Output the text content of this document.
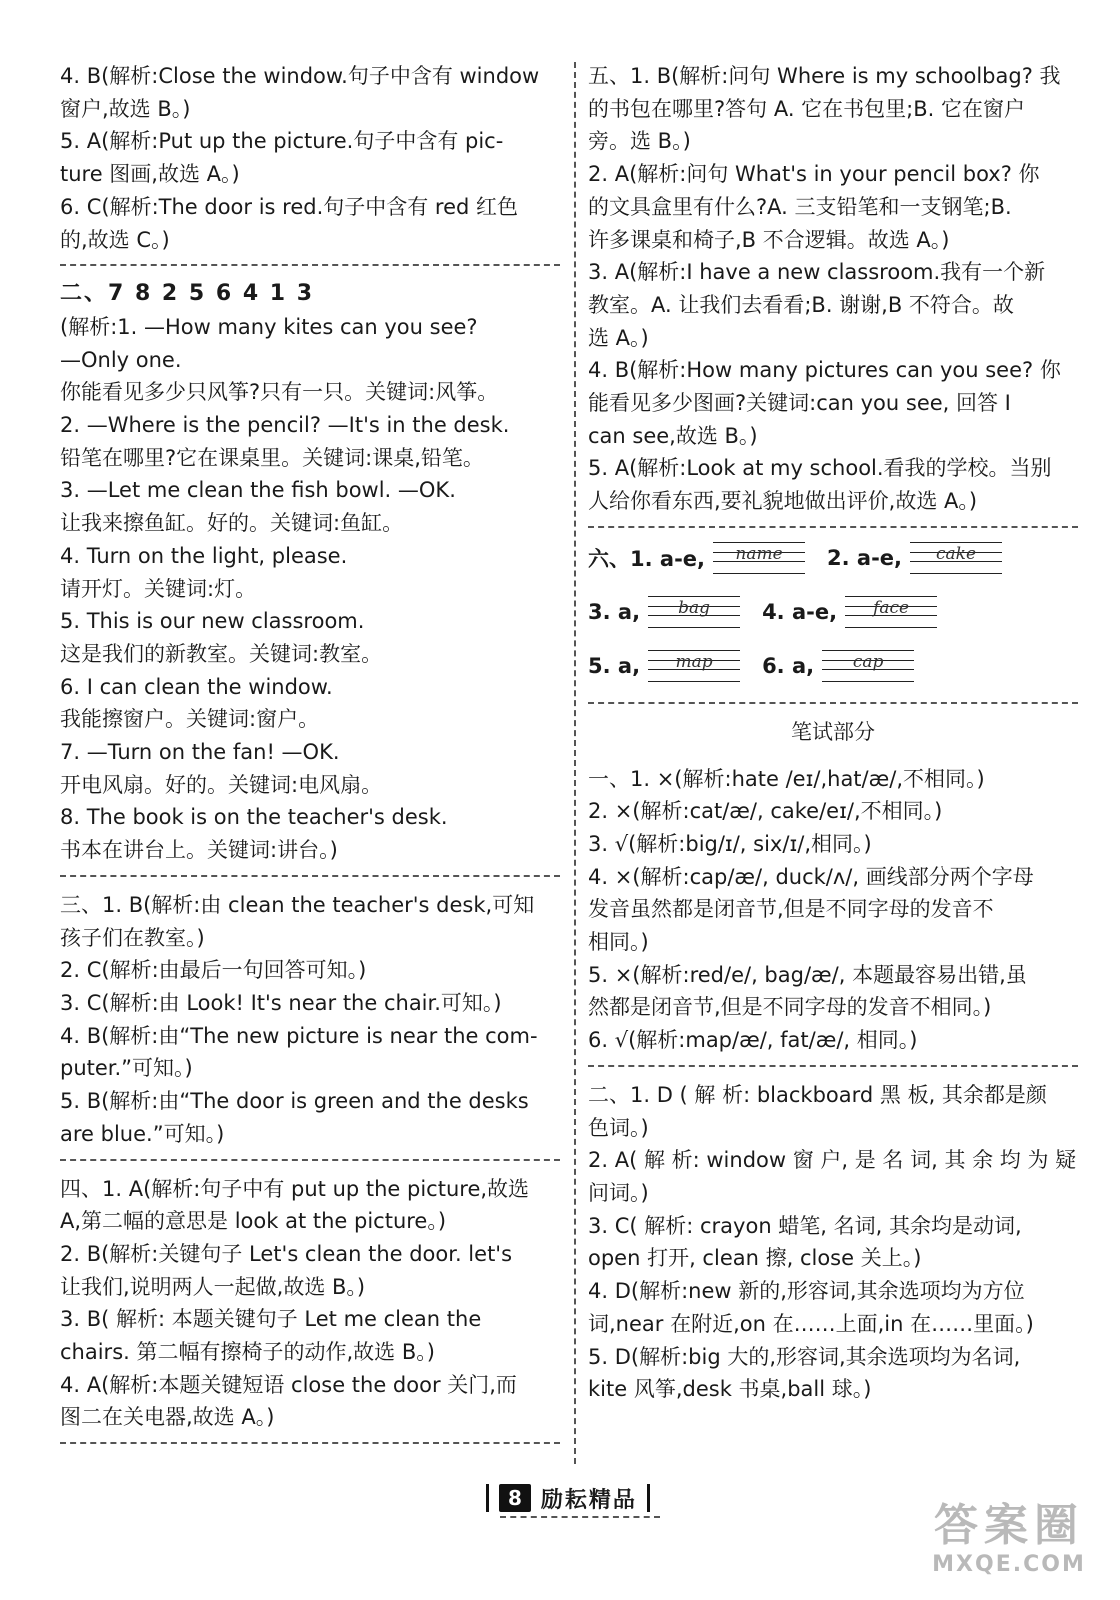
4. B(解析:Close the window.句子中含有 window

窗户,故选 B。)

5. A(解析:Put up the picture.句子中含有 pic-

ture 图画,故选 A。)

6. C(解析:The door is red.句子中含有 red 红色

的,故选 C。)

二、7 8 2 5 6 4 1 3

(解析:1. —How many kites can you see?

—Only one.

你能看见多少只风筝?只有一只。关键词:风筝。

2. —Where is the pencil? —It's in the desk.

铅笔在哪里?它在课桌里。关键词:课桌,铅笔。

3. —Let me clean the fish bowl. —OK.

让我来擦鱼缸。好的。关键词:鱼缸。

4. Turn on the light, please.

请开灯。关键词:灯。

5. This is our new classroom.

这是我们的新教室。关键词:教室。

6. I can clean the window.

我能擦窗户。关键词:窗户。

7. —Turn on the fan! —OK.

开电风扇。好的。关键词:电风扇。

8. The book is on the teacher's desk.

书本在讲台上。关键词:讲台。)

三、1. B(解析:由 clean the teacher's desk,可知

孩子们在教室。)

2. C(解析:由最后一句回答可知。)

3. C(解析:由 Look! It's near the chair.可知。)

4. B(解析:由“The new picture is near the com-

puter.”可知。)

5. B(解析:由“The door is green and the desks

are blue.”可知。)

四、1. A(解析:句子中有 put up the picture,故选

A,第二幅的意思是 look at the picture。)

2. B(解析:关键句子 Let's clean the door. let's

让我们,说明两人一起做,故选 B。)

3. B( 解析: 本题关键句子 Let me clean the

chairs. 第二幅有擦椅子的动作,故选 B。)

4. A(解析:本题关键短语 close the door 关门,而

图二在关电器,故选 A。)

五、1. B(解析:问句 Where is my schoolbag? 我

的书包在哪里?答句 A. 它在书包里;B. 它在窗户

旁。选 B。)

2. A(解析:问句 What's in your pencil box? 你

的文具盒里有什么?A. 三支铅笔和一支钢笔;B.

许多课桌和椅子,B 不合逻辑。故选 A。)

3. A(解析:I have a new classroom.我有一个新

教室。A. 让我们去看看;B. 谢谢,B 不符合。故

选 A。)

4. B(解析:How many pictures can you see? 你

能看见多少图画?关键词:can you see, 回答 I

can see,故选 B。)

5. A(解析:Look at my school.看我的学校。当别

人给你看东西,要礼貌地做出评价,故选 A。)

六、1. a-e,	name	2. a-e,	cake
3. a,	bag	4. a-e,	face
5. a,	map	6. a,	cap

笔试部分

一、1. ×(解析:hate /eɪ/,hat/æ/,不相同。)

2. ×(解析:cat/æ/, cake/eɪ/,不相同。)

3. √(解析:big/ɪ/, six/ɪ/,相同。)

4. ×(解析:cap/æ/, duck/ʌ/, 画线部分两个字母

发音虽然都是闭音节,但是不同字母的发音不

相同。)

5. ×(解析:red/e/, bag/æ/, 本题最容易出错,虽

然都是闭音节,但是不同字母的发音不相同。)

6. √(解析:map/æ/, fat/æ/, 相同。)

二、1. D ( 解 析: blackboard 黑 板, 其余都是颜

色词。)

2. A( 解 析: window 窗 户, 是 名 词, 其 余 均 为 疑

问词。)

3. C( 解析: crayon 蜡笔, 名词, 其余均是动词,

open 打开, clean 擦, close 关上。)

4. D(解析:new 新的,形容词,其余选项均为方位

词,near 在附近,on 在……上面,in 在……里面。)

5. D(解析:big 大的,形容词,其余选项均为名词,

kite 风筝,desk 书桌,ball 球。)

8 励耘精品	答案圈
MXQE.COM
